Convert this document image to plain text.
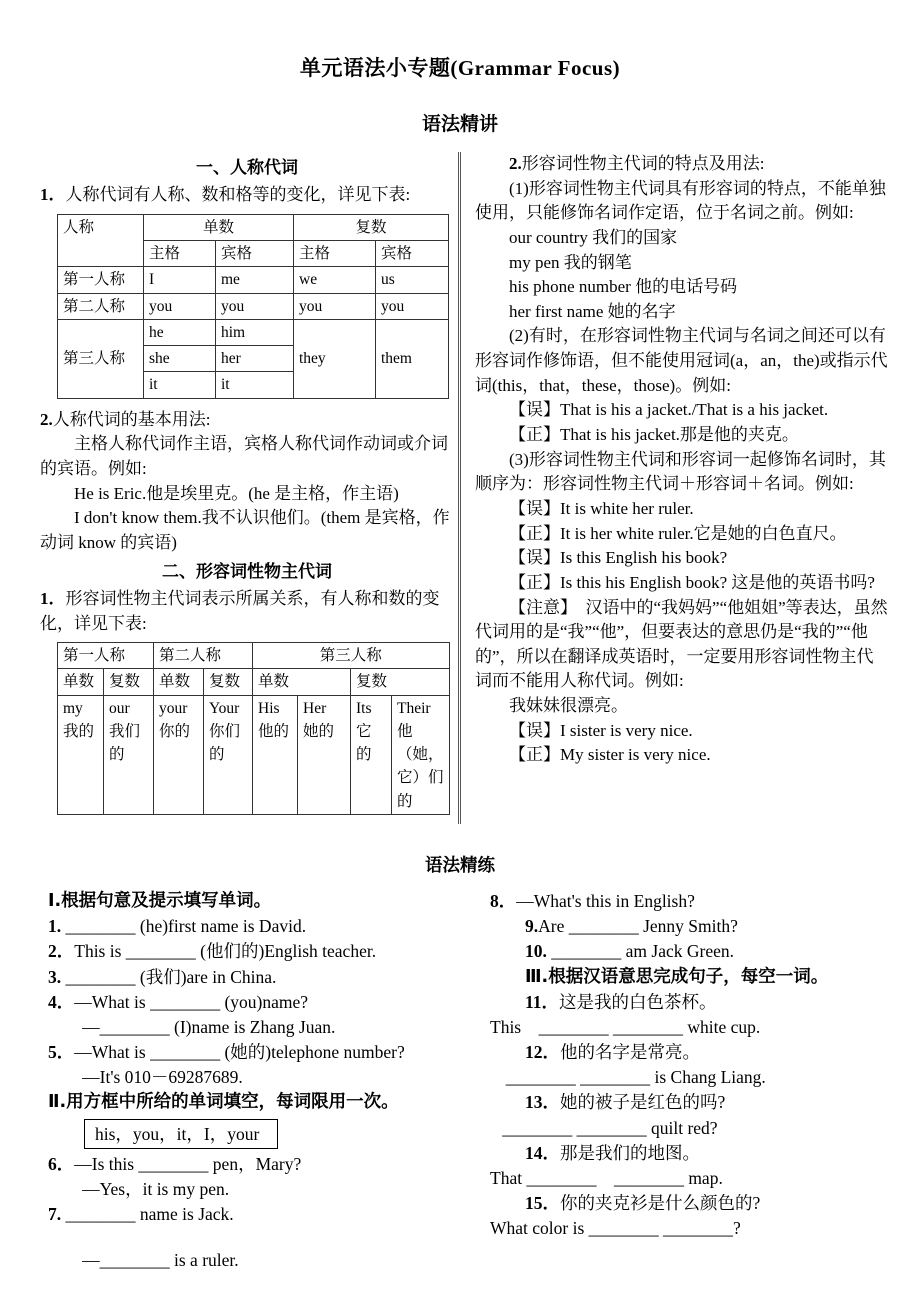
单元语法小专题(Grammar Focus)
语法精讲
一、人称代词

1．人称代词有人称、数和格等的变化，详见下表:

人称	单数		复数	
	主格	宾格	主格	宾格
第一人称	I	me	we	us
第二人称	you	you	you	you
第三人称	he	him	they	them
	she	her		
	it	it		

2.人称代词的基本用法:

主格人称代词作主语，宾格人称代词作动词或介词的宾语。例如:

He is Eric.他是埃里克。(he 是主格，作主语)

I don't know them.我不认识他们。(them 是宾格，作动词 know 的宾语)

二、形容词性物主代词

1．形容词性物主代词表示所属关系，有人称和数的变化，详见下表:

第一人称		第二人称		第三人称			
单数	复数	单数	复数	单数		复数	
my 我的	our 我们的	your 你的	Your 你们的	His 他的	Her 她的	Its 它的	Their 他（她，它）们的

2.形容词性物主代词的特点及用法:

(1)形容词性物主代词具有形容词的特点，不能单独使用，只能修饰名词作定语，位于名词之前。例如:

our country 我们的国家

my pen 我的钢笔

his phone number 他的电话号码

her first name 她的名字

(2)有时，在形容词性物主代词与名词之间还可以有形容词作修饰语，但不能使用冠词(a，an，the)或指示代词(this，that，these，those)。例如:

【误】That is his a jacket./That is a his jacket.

【正】That is his jacket.那是他的夹克。

(3)形容词性物主代词和形容词一起修饰名词时，其顺序为：形容词性物主代词＋形容词＋名词。例如:

【误】It is white her ruler.

【正】It is her white ruler.它是她的白色直尺。

【误】Is this English his book?

【正】Is this his English book? 这是他的英语书吗?

【注意】　汉语中的“我妈妈”“他姐姐”等表达，虽然代词用的是“我”“他”，但要表达的意思仍是“我的”“他的”，所以在翻译成英语时，一定要用形容词性物主代词而不能用人称代词。例如:

我妹妹很漂亮。

【误】I sister is very nice.

【正】My sister is very nice.

语法精练

Ⅰ.根据句意及提示填写单词。

1. ________ (he)first name is David.

2．This is ________ (他们的)English teacher.

3. ________ (我们)are in China.

4．—What is ________ (you)name?

—________ (I)name is Zhang Juan.

5．—What is ________ (她的)telephone number?

—It's 010－69287689.

Ⅱ.用方框中所给的单词填空，每词限用一次。

his，you，it，I，your

6．—Is this ________ pen，Mary?

—Yes，it is my pen.

7. ________ name is Jack.

—________ is a ruler.

8．—What's this in English?

9.Are ________ Jenny Smith?

10. ________ am Jack Green.

Ⅲ.根据汉语意思完成句子，每空一词。

11．这是我的白色茶杯。

This　________ ________ white cup.

12．他的名字是常亮。

________ ________ is Chang Liang.

13．她的被子是红色的吗?

________ ________ quilt red?

14．那是我们的地图。

That ________　________ map.

15．你的夹克衫是什么颜色的?

What color is ________ ________?
